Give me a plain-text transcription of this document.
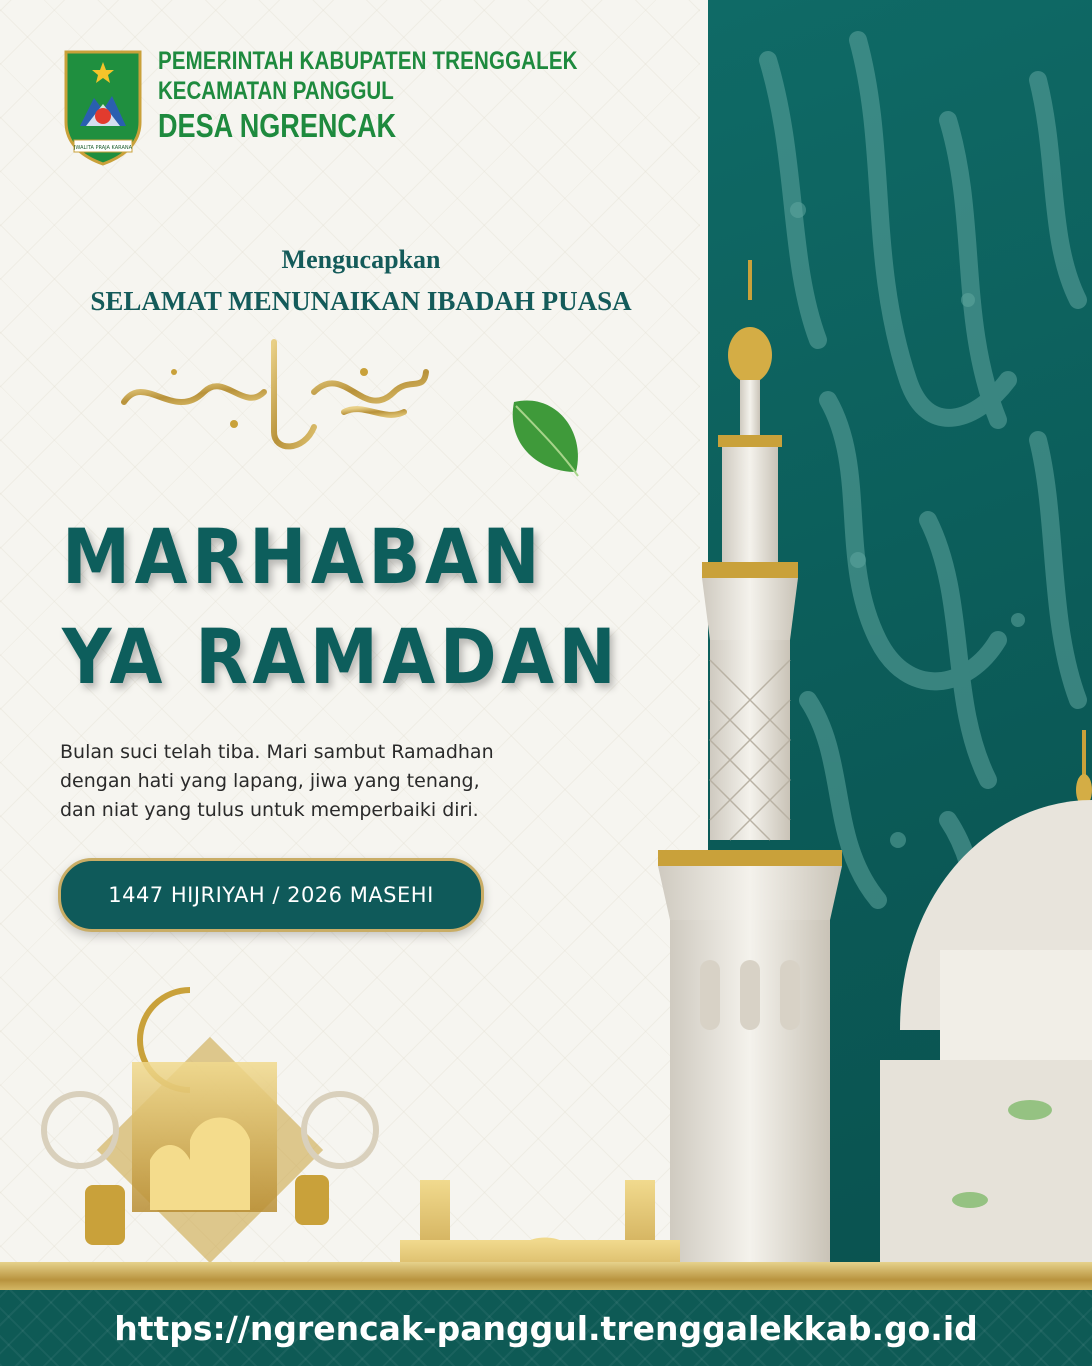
JWALITA PRAJA KARANA
PEMERINTAH KABUPATEN TRENGGALEK
KECAMATAN PANGGUL
DESA NGRENCAK
Mengucapkan
SELAMAT MENUNAIKAN IBADAH PUASA
MARHABAN
YA RAMADAN
Bulan suci telah tiba. Mari sambut Ramadhan
dengan hati yang lapang, jiwa yang tenang,
dan niat yang tulus untuk memperbaiki diri.
1447 HIJRIYAH / 2026 MASEHI
https://ngrencak-panggul.trenggalekkab.go.id
